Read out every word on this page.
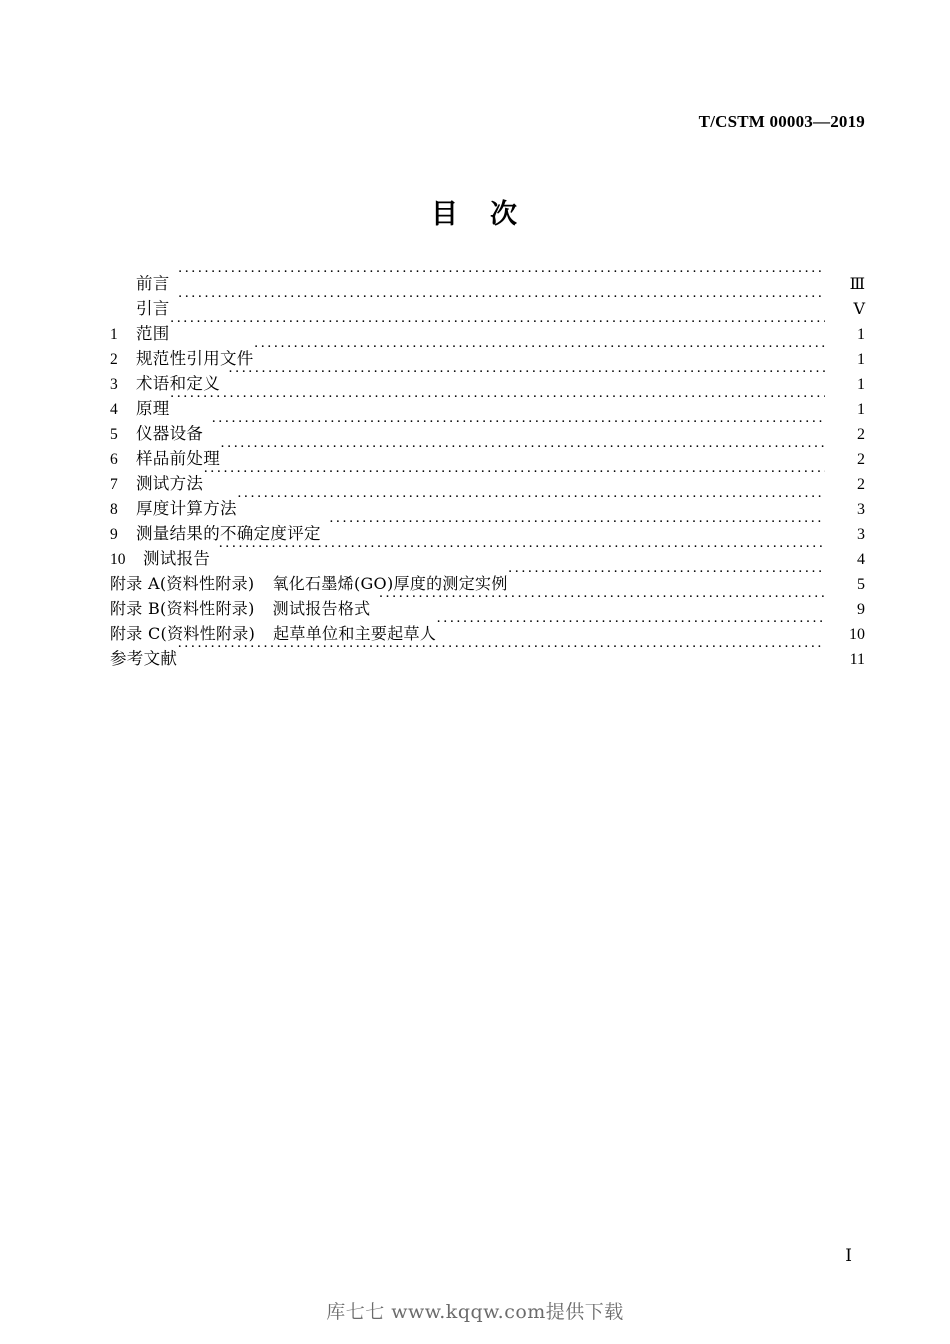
T/CSTM 00003—2019
目 次
前言 ·····	Ⅲ
引言 ·····	Ⅴ
1	范围 ·····	1
2	规范性引用文件 ·····	1
3	术语和定义 ·····	1
4	原理 ·····	1
5	仪器设备 ·····	2
6	样品前处理 ·····	2
7	测试方法 ·····	2
8	厚度计算方法 ·····	3
9	测量结果的不确定度评定 ·····	3
10	测试报告 ·····	4
附录 A(资料性附录)	氧化石墨烯(GO)厚度的测定实例 ·····	5
附录 B(资料性附录)	测试报告格式 ·····	9
附录 C(资料性附录)	起草单位和主要起草人 ·····	10
参考文献 ·····	11
Ⅰ
库七七 www.kqqw.com提供下载
